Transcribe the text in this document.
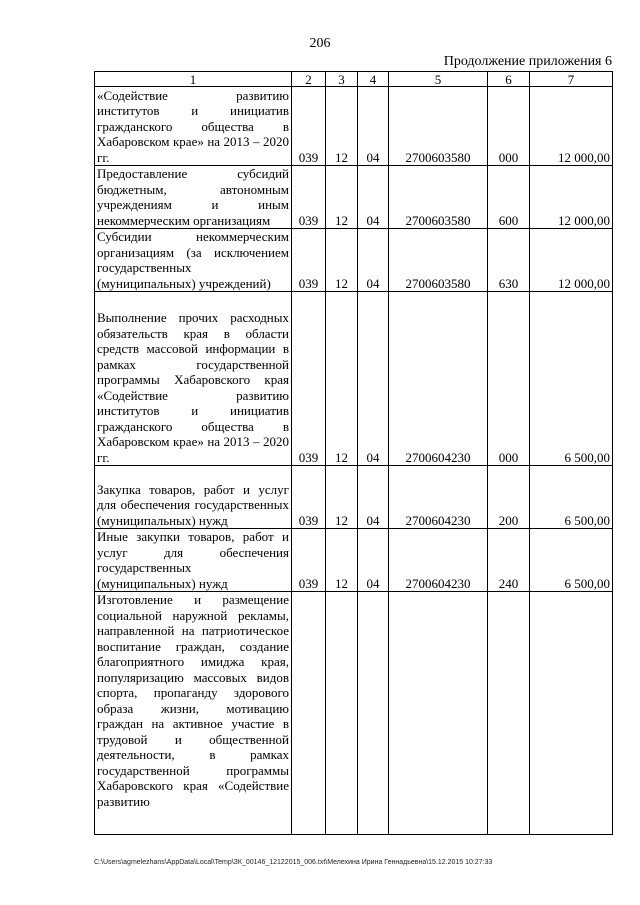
206
Продолжение приложения 6
1	2	3	4	5	6	7
«Содействие развитию институтов и инициатив гражданского общества в Хабаровском крае» на 2013 – 2020 гг.	039	12	04	2700603580	000	12 000,00
Предоставление субсидий бюджетным, автономным учреждениям и иным некоммерческим организациям	039	12	04	2700603580	600	12 000,00
Субсидии некоммерческим организациям (за исключением государственных (муниципальных) учреждений)	039	12	04	2700603580	630	12 000,00
Выполнение прочих расходных обязательств края в области средств массовой информации в рамках государственной программы Хабаровского края «Содействие развитию институтов и инициатив гражданского общества в Хабаровском крае» на 2013 – 2020 гг.	039	12	04	2700604230	000	6 500,00
Закупка товаров, работ и услуг для обеспечения государственных (муниципальных) нужд	039	12	04	2700604230	200	6 500,00
Иные закупки товаров, работ и услуг для обеспечения государственных (муниципальных) нужд	039	12	04	2700604230	240	6 500,00
Изготовление и размещение социальной наружной рекламы, направленной на патриотическое воспитание граждан, создание благоприятного имиджа края, популяризацию массовых видов спорта, пропаганду здорового образа жизни, мотивацию граждан на активное участие в трудовой и общественной деятельности, в рамках государственной программы Хабаровского края «Содействие развитию						
C:\Users\agmelezhans\AppData\Local\Temp\ЗК_00146_12122015_006.txt\Мелехина Ирина Геннадьевна\15.12.2015 10:27:33
